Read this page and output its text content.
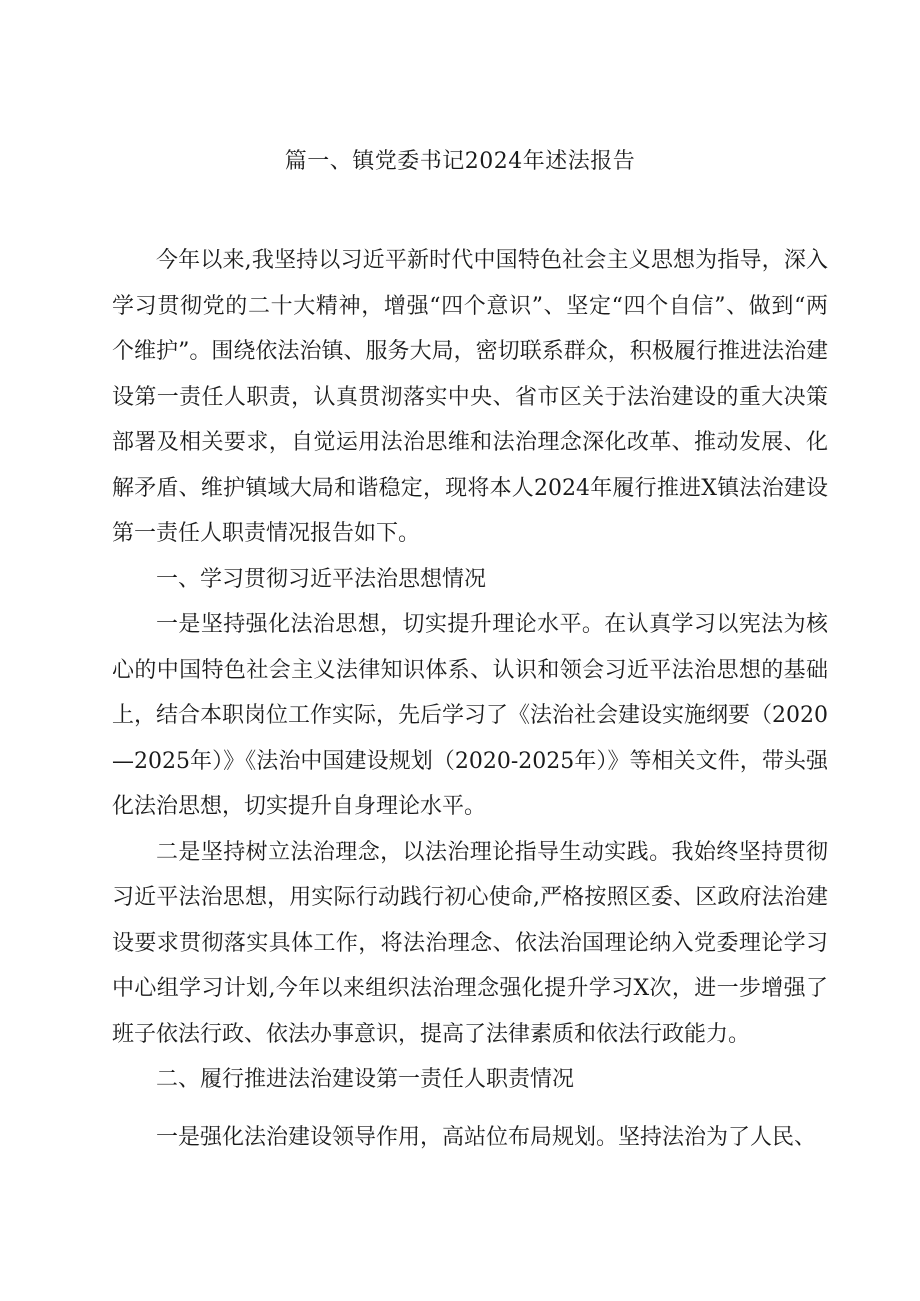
篇一、镇党委书记2024年述法报告

今年以来,我坚持以习近平新时代中国特色社会主义思想为指导，深入学习贯彻党的二十大精神，增强“四个意识”、坚定“四个自信”、做到“两个维护”。围绕依法治镇、服务大局，密切联系群众，积极履行推进法治建设第一责任人职责，认真贯沏落实中央、省市区关于法治建设的重大决策部署及相关要求，自觉运用法治思维和法治理念深化改革、推动发展、化解矛盾、维护镇域大局和谐稳定，现将本人2024年履行推进X镇法治建设第一责任人职责情况报告如下。

一、学习贯彻习近平法治思想情况

一是坚持强化法治思想，切实提升理论水平。在认真学习以宪法为核心的中国特色社会主义法律知识体系、认识和领会习近平法治思想的基础上，结合本职岗位工作实际，先后学习了《法治社会建设实施纲要（2020—2025年）》《法治中国建设规划（2020-2025年）》等相关文件，带头强化法治思想，切实提升自身理论水平。

二是坚持树立法治理念，以法治理论指导生动实践。我始终坚持贯彻习近平法治思想，用实际行动践行初心使命,严格按照区委、区政府法治建设要求贯彻落实具体工作，将法治理念、依法治国理论纳入党委理论学习中心组学习计划,今年以来组织法治理念强化提升学习X次，进一步增强了班子依法行政、依法办事意识，提高了法律素质和依法行政能力。

二、履行推进法治建设第一责任人职责情况

一是强化法治建设领导作用，高站位布局规划。坚持法治为了人民、
